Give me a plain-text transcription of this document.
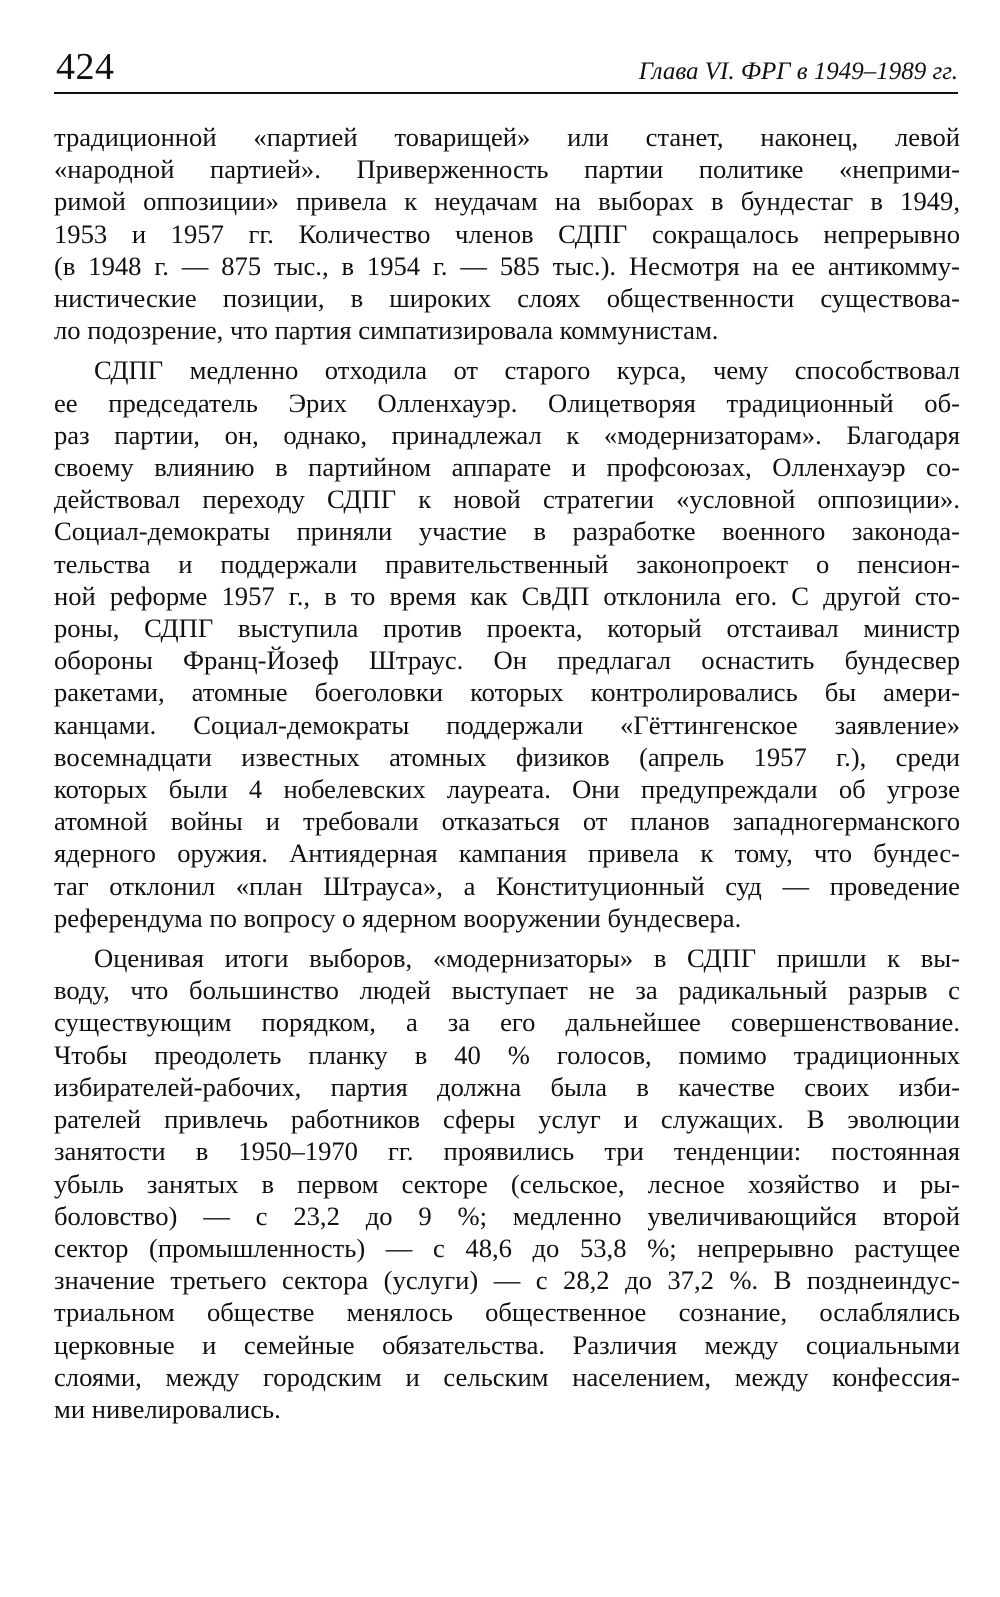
424	Глава VI. ФРГ в 1949–1989 гг.

традиционной «партией товарищей» или станет, наконец, левой
«народной партией». Приверженность партии политике «неприми-
римой оппозиции» привела к неудачам на выборах в бундестаг в 1949,
1953 и 1957 гг. Количество членов СДПГ сокращалось непрерывно
(в 1948 г. — 875 тыс., в 1954 г. — 585 тыс.). Несмотря на ее антикомму-
нистические позиции, в широких слоях общественности существова-
ло подозрение, что партия симпатизировала коммунистам.

СДПГ медленно отходила от старого курса, чему способствовал
ее председатель Эрих Олленхауэр. Олицетворяя традиционный об-
раз партии, он, однако, принадлежал к «модернизаторам». Благодаря
своему влиянию в партийном аппарате и профсоюзах, Олленхауэр со-
действовал переходу СДПГ к новой стратегии «условной оппозиции».
Социал-демократы приняли участие в разработке военного законода-
тельства и поддержали правительственный законопроект о пенсион-
ной реформе 1957 г., в то время как СвДП отклонила его. С другой сто-
роны, СДПГ выступила против проекта, который отстаивал министр
обороны Франц-Йозеф Штраус. Он предлагал оснастить бундесвер
ракетами, атомные боеголовки которых контролировались бы амери-
канцами. Социал-демократы поддержали «Гёттингенское заявление»
восемнадцати известных атомных физиков (апрель 1957 г.), среди
которых были 4 нобелевских лауреата. Они предупреждали об угрозе
атомной войны и требовали отказаться от планов западногерманского
ядерного оружия. Антиядерная кампания привела к тому, что бундес-
таг отклонил «план Штрауса», а Конституционный суд — проведение
референдума по вопросу о ядерном вооружении бундесвера.

Оценивая итоги выборов, «модернизаторы» в СДПГ пришли к вы-
воду, что большинство людей выступает не за радикальный разрыв с
существующим порядком, а за его дальнейшее совершенствование.
Чтобы преодолеть планку в 40 % голосов, помимо традиционных
избирателей-рабочих, партия должна была в качестве своих изби-
рателей привлечь работников сферы услуг и служащих. В эволюции
занятости в 1950–1970 гг. проявились три тенденции: постоянная
убыль занятых в первом секторе (сельское, лесное хозяйство и ры-
боловство) — с 23,2 до 9 %; медленно увеличивающийся второй
сектор (промышленность) — с 48,6 до 53,8 %; непрерывно растущее
значение третьего сектора (услуги) — с 28,2 до 37,2 %. В позднеиндус-
триальном обществе менялось общественное сознание, ослаблялись
церковные и семейные обязательства. Различия между социальными
слоями, между городским и сельским населением, между конфессия-
ми нивелировались.
